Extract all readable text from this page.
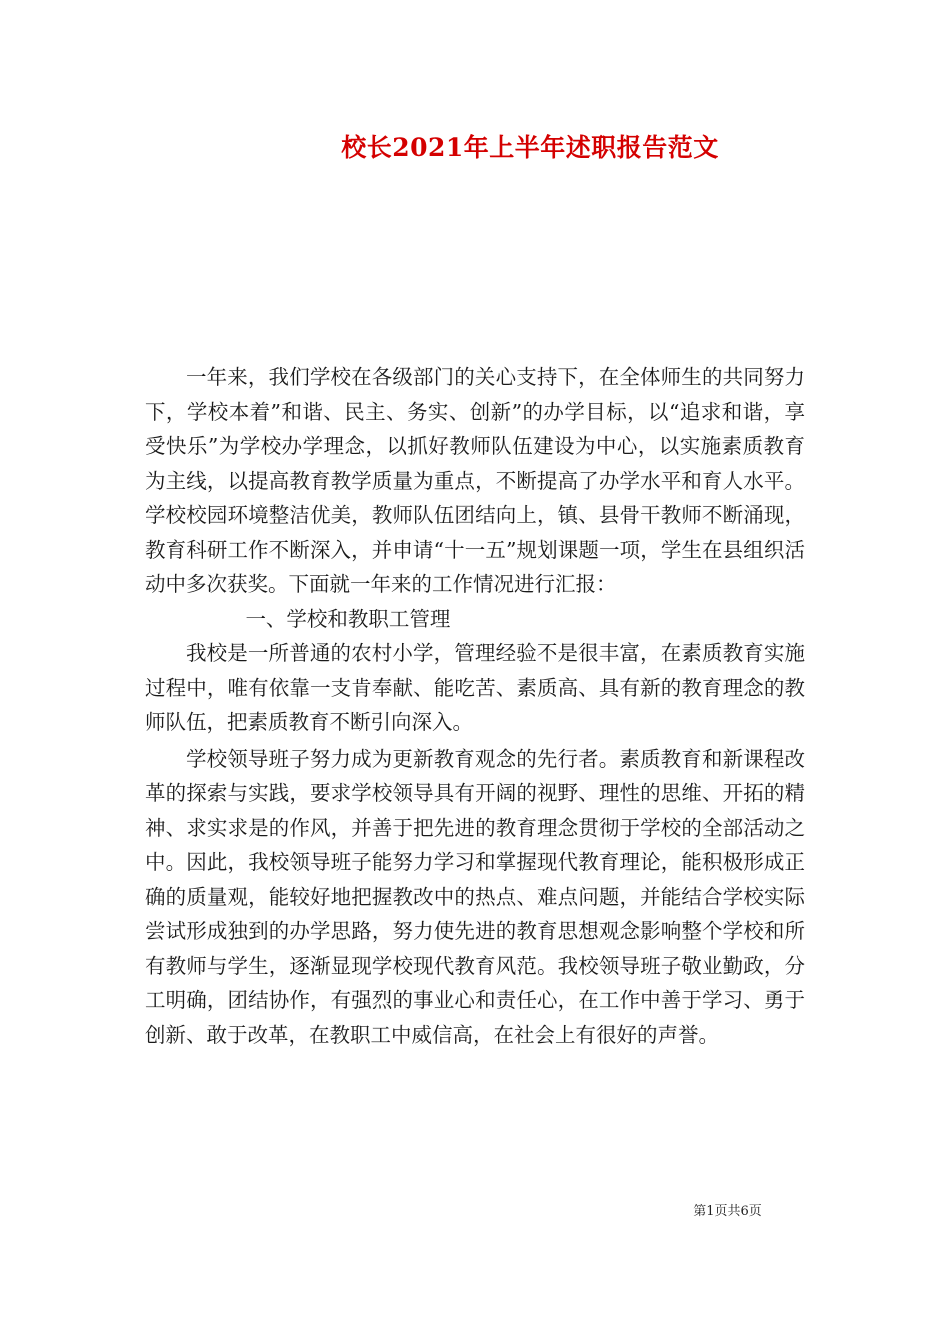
校长2021年上半年述职报告范文

一年来，我们学校在各级部门的关心支持下，在全体师生的共同努力下，学校本着”和谐、民主、务实、创新”的办学目标，以“追求和谐，享受快乐”为学校办学理念，以抓好教师队伍建设为中心，以实施素质教育为主线，以提高教育教学质量为重点，不断提高了办学水平和育人水平。学校校园环境整洁优美，教师队伍团结向上，镇、县骨干教师不断涌现，教育科研工作不断深入，并申请“十一五”规划课题一项，学生在县组织活动中多次获奖。下面就一年来的工作情况进行汇报：

一、学校和教职工管理

我校是一所普通的农村小学，管理经验不是很丰富，在素质教育实施过程中，唯有依靠一支肯奉献、能吃苦、素质高、具有新的教育理念的教师队伍，把素质教育不断引向深入。

学校领导班子努力成为更新教育观念的先行者。素质教育和新课程改革的探索与实践，要求学校领导具有开阔的视野、理性的思维、开拓的精神、求实求是的作风，并善于把先进的教育理念贯彻于学校的全部活动之中。因此，我校领导班子能努力学习和掌握现代教育理论，能积极形成正确的质量观，能较好地把握教改中的热点、难点问题，并能结合学校实际尝试形成独到的办学思路，努力使先进的教育思想观念影响整个学校和所有教师与学生，逐渐显现学校现代教育风范。我校领导班子敬业勤政，分工明确，团结协作，有强烈的事业心和责任心，在工作中善于学习、勇于创新、敢于改革，在教职工中威信高，在社会上有很好的声誉。

第1页共6页
